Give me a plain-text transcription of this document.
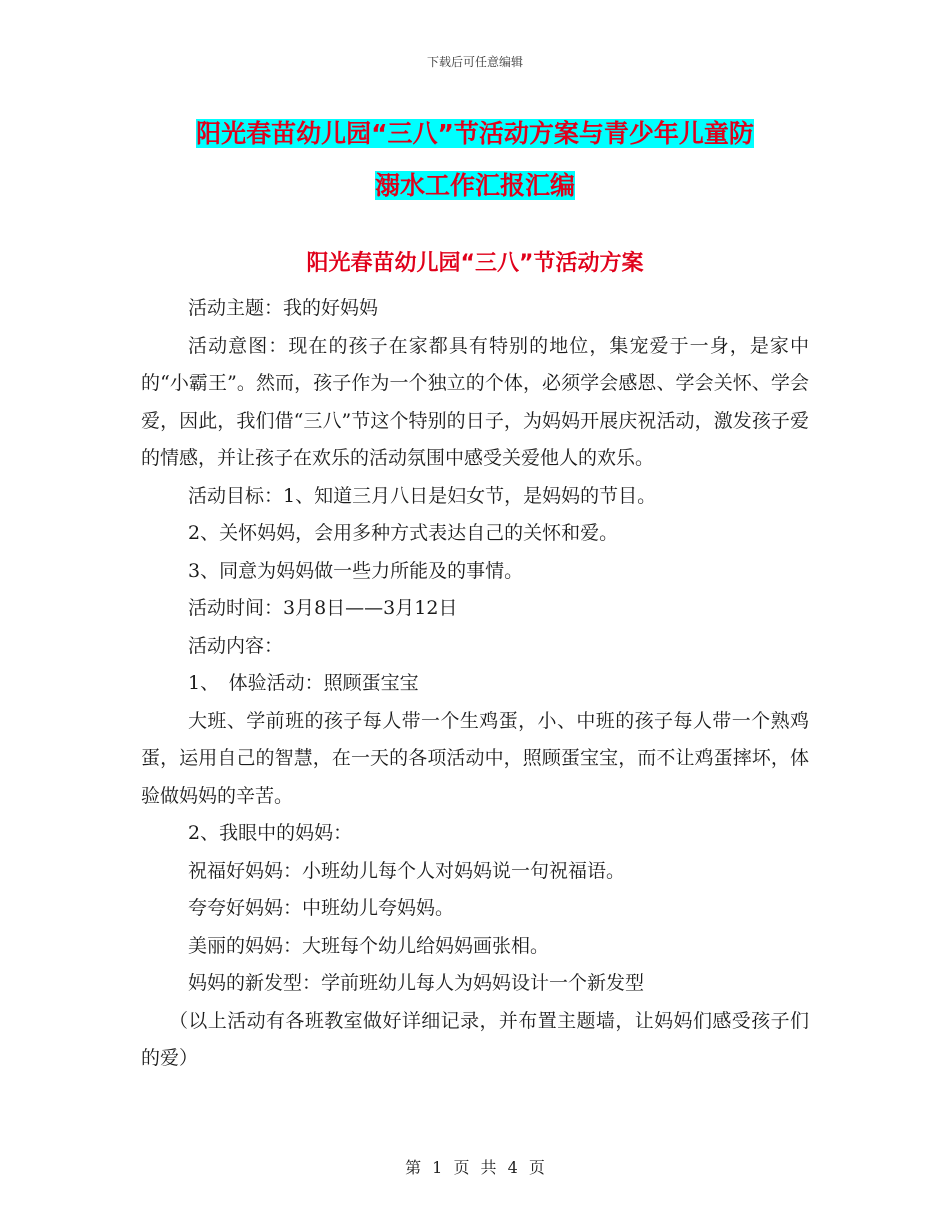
下载后可任意编辑
阳光春苗幼儿园“三八”节活动方案与青少年儿童防
溺水工作汇报汇编
阳光春苗幼儿园“三八”节活动方案

活动主题：我的好妈妈

活动意图：现在的孩子在家都具有特别的地位，集宠爱于一身，是家中的“小霸王”。然而，孩子作为一个独立的个体，必须学会感恩、学会关怀、学会爱，因此，我们借“三八”节这个特别的日子，为妈妈开展庆祝活动，激发孩子爱的情感，并让孩子在欢乐的活动氛围中感受关爱他人的欢乐。

活动目标：1、知道三月八日是妇女节，是妈妈的节目。

2、关怀妈妈，会用多种方式表达自己的关怀和爱。

3、同意为妈妈做一些力所能及的事情。

活动时间：3月8日——3月12日

活动内容：

1、　体验活动：照顾蛋宝宝

大班、学前班的孩子每人带一个生鸡蛋，小、中班的孩子每人带一个熟鸡蛋，运用自己的智慧，在一天的各项活动中，照顾蛋宝宝，而不让鸡蛋摔坏，体验做妈妈的辛苦。

2、我眼中的妈妈：

祝福好妈妈：小班幼儿每个人对妈妈说一句祝福语。

夸夸好妈妈：中班幼儿夸妈妈。

美丽的妈妈：大班每个幼儿给妈妈画张相。

妈妈的新发型：学前班幼儿每人为妈妈设计一个新发型

（以上活动有各班教室做好详细记录，并布置主题墙，让妈妈们感受孩子们的爱）

第 1 页 共 4 页
